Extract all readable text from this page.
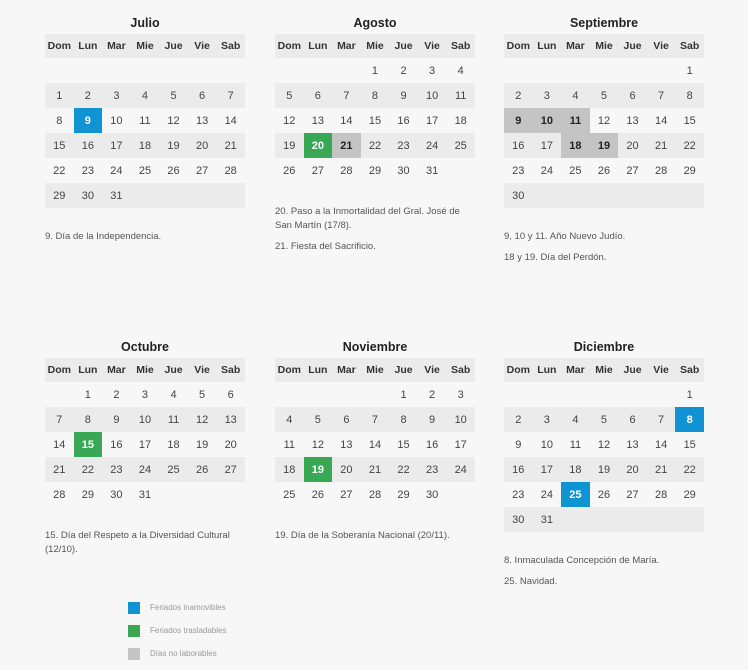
Julio
Dom	Lun	Mar	Mie	Jue	Vie	Sab

1	2	3	4	5	6	7
8	9	10	11	12	13	14
15	16	17	18	19	20	21
22	23	24	25	26	27	28
29	30	31				
9. Día de la Independencia.
Agosto
Dom	Lun	Mar	Mie	Jue	Vie	Sab
			1	2	3	4
5	6	7	8	9	10	11
12	13	14	15	16	17	18
19	20	21	22	23	24	25
26	27	28	29	30	31	
20. Paso a la Inmortalidad del Gral. José de San Martín (17/8).
21. Fiesta del Sacrificio.
Septiembre
Dom	Lun	Mar	Mie	Jue	Vie	Sab
						1
2	3	4	5	6	7	8
9	10	11	12	13	14	15
16	17	18	19	20	21	22
23	24	25	26	27	28	29
30						
9, 10 y 11. Año Nuevo Judío.
18 y 19. Día del Perdón.
Octubre
Dom	Lun	Mar	Mie	Jue	Vie	Sab
	1	2	3	4	5	6
7	8	9	10	11	12	13
14	15	16	17	18	19	20
21	22	23	24	25	26	27
28	29	30	31			
15. Día del Respeto a la Diversidad Cultural (12/10).
Noviembre
Dom	Lun	Mar	Mie	Jue	Vie	Sab
				1	2	3
4	5	6	7	8	9	10
11	12	13	14	15	16	17
18	19	20	21	22	23	24
25	26	27	28	29	30	
19. Día de la Soberanía Nacional (20/11).
Diciembre
Dom	Lun	Mar	Mie	Jue	Vie	Sab
						1
2	3	4	5	6	7	8
9	10	11	12	13	14	15
16	17	18	19	20	21	22
23	24	25	26	27	28	29
30	31					
8. Inmaculada Concepción de María.
25. Navidad.
Feriados inamovibles
Feriados trasladables
Días no laborables
